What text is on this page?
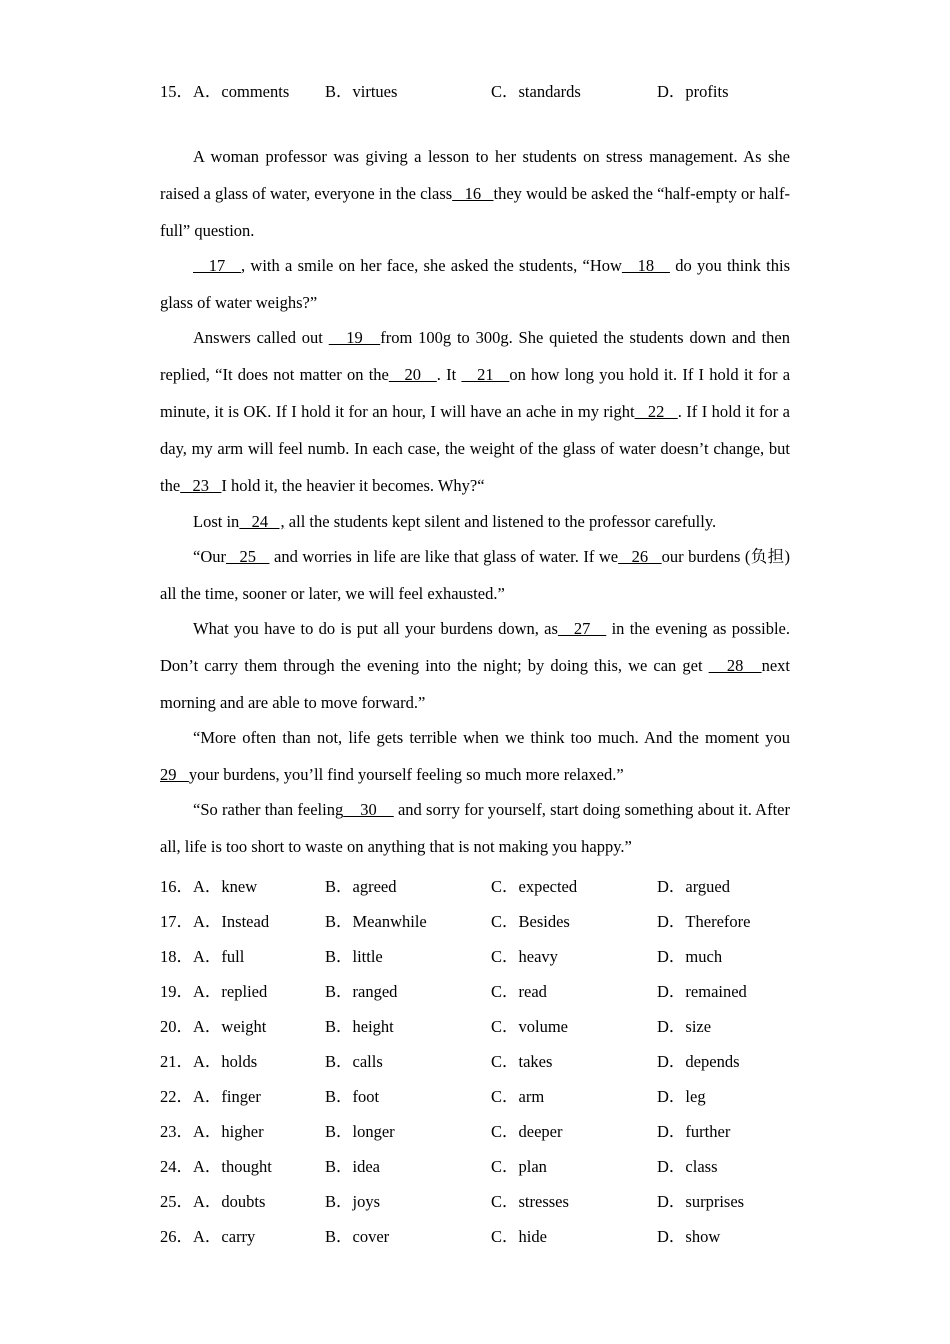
15． A．comments B．virtues	C．standards	D．profits
A woman professor was giving a lesson to her students on stress management. As she raised a glass of water, everyone in the class   16   they would be asked the “half-empty or half-full” question.
17   , with a smile on her face, she asked the students, “How   18    do you think this glass of water weighs?”
Answers called out    19   from 100g to 300g. She quieted the students down and then replied, “It does not matter on the   20   . It    21   on how long you hold it. If I hold it for a minute, it is OK. If I hold it for an hour, I will have an ache in my right   22   . If I hold it for a day, my arm will feel numb. In each case, the weight of the glass of water doesn’t change, but the   23   I hold it, the heavier it becomes. Why?“
Lost in   24   , all the students kept silent and listened to the professor carefully.
“Our   25    and worries in life are like that glass of water. If we   26   our burdens (负担) all the time, sooner or later, we will feel exhausted.”
What you have to do is put all your burdens down, as   27    in the evening as possible. Don’t carry them through the evening into the night; by doing this, we can get    28   next morning and are able to move forward.”
“More often than not, life gets terrible when we think too much. And the moment you 29   your burdens, you’ll find yourself feeling so much more relaxed.”
“So rather than feeling    30     and sorry for yourself, start doing something about it. After all, life is too short to waste on anything that is not making you happy.”
16． A．knew	B．agreed	C．expected	D．argued
17． A．Instead	B．Meanwhile	C．Besides	D．Therefore
18． A．full	B．little	C．heavy	D．much
19． A．replied	B．ranged	C．read	D．remained
20． A．weight	B．height	C．volume	D．size
21． A．holds	B．calls	C．takes	D．depends
22． A．finger	B．foot	C．arm	D．leg
23． A．higher	B．longer	C．deeper	D．further
24． A．thought	B．idea	C．plan	D．class
25． A．doubts	B．joys	C．stresses	D．surprises
26． A．carry	B．cover	C．hide	D．show
